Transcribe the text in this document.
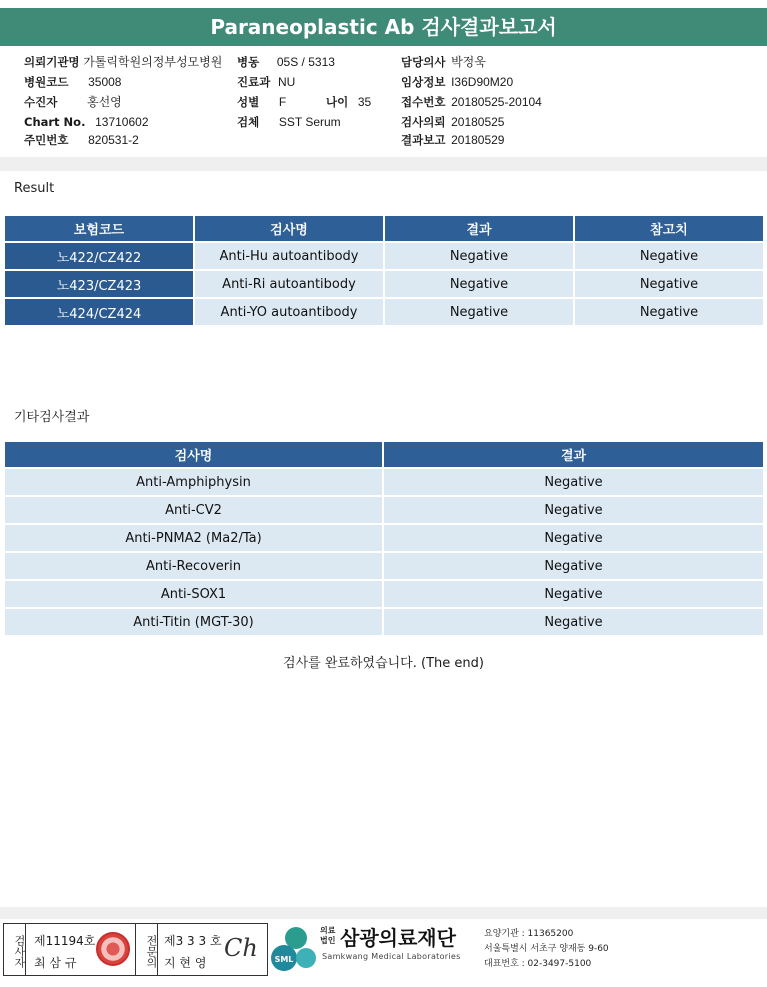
Paraneoplastic Ab 검사결과보고서
의뢰기관명 가톨릭학원의정부성모병원
병원코드 35008
수진자 홍선영
Chart No. 13710602
주민번호 820531-2
병동 05S / 5313
진료과 NU
성별 F	나이 35
검체 SST Serum
담당의사 박정욱
임상정보 I36D90M20
접수번호 20180525-20104
검사의뢰 20180525
결과보고 20180529
Result
보험코드	검사명	결과	참고치
노422/CZ422	Anti-Hu autoantibody	Negative	Negative
노423/CZ423	Anti-Ri autoantibody	Negative	Negative
노424/CZ424	Anti-YO autoantibody	Negative	Negative
기타검사결과
검사명	결과
Anti-Amphiphysin	Negative
Anti-CV2	Negative
Anti-PNMA2 (Ma2/Ta)	Negative
Anti-Recoverin	Negative
Anti-SOX1	Negative
Anti-Titin (MGT-30)	Negative
검사를 완료하였습니다. (The end)
검사자 제11194호
최 삼 규	전문의 제3 3 3 호
지 현 영
Ch SML
의료
법인 삼광의료재단
Samkwang Medical Laboratories
요양기관 : 11365200
서울특별시 서초구 양재동 9-60
대표번호 : 02-3497-5100
